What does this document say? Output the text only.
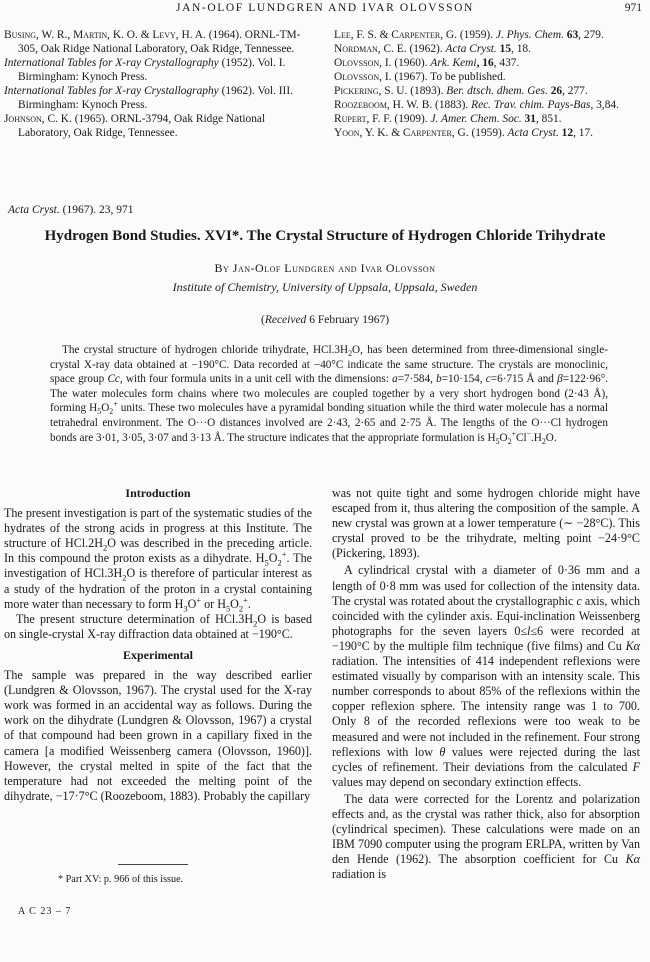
JAN-OLOF LUNDGREN AND IVAR OLOVSSON	971

Busing, W. R., Martin, K. O. & Levy, H. A. (1964). ORNL-TM-305, Oak Ridge National Laboratory, Oak Ridge, Tennessee.

International Tables for X-ray Crystallography (1952). Vol. I. Birmingham: Kynoch Press.

International Tables for X-ray Crystallography (1962). Vol. III. Birmingham: Kynoch Press.

Johnson, C. K. (1965). ORNL-3794, Oak Ridge National Laboratory, Oak Ridge, Tennessee.

Lee, F. S. & Carpenter, G. (1959). J. Phys. Chem. 63, 279.

Nordman, C. E. (1962). Acta Cryst. 15, 18.

Olovsson, I. (1960). Ark. Kemi, 16, 437.

Olovsson, I. (1967). To be published.

Pickering, S. U. (1893). Ber. dtsch. dhem. Ges. 26, 277.

Roozeboom, H. W. B. (1883). Rec. Trav. chim. Pays-Bas, 3,84.

Rupert, F. F. (1909). J. Amer. Chem. Soc. 31, 851.

Yoon, Y. K. & Carpenter, G. (1959). Acta Cryst. 12, 17.

Acta Cryst. (1967). 23, 971
Hydrogen Bond Studies. XVI*. The Crystal Structure of Hydrogen Chloride Trihydrate
By Jan-Olof Lundgren and Ivar Olovsson
Institute of Chemistry, University of Uppsala, Uppsala, Sweden
(Received 6 February 1967)

The crystal structure of hydrogen chloride trihydrate, $HCl.3H_2O$, has been determined from three-dimensional single-crystal X-ray data obtained at −190°C. Data recorded at −40°C indicate the same structure. The crystals are monoclinic, space group Cc, with four formula units in a unit cell with the dimensions: a=7·584, b=10·154, c=6·715 Å and β=122·96°. The water molecules form chains where two molecules are coupled together by a very short hydrogen bond (2·43 Å), forming $H_5O_2^+$ units. These two molecules have a pyramidal bonding situation while the third water molecule has a normal tetrahedral environment. The O···O distances involved are 2·43, 2·65 and 2·75 Å. The lengths of the O···Cl hydrogen bonds are 3·01, 3·05, 3·07 and 3·13 Å. The structure indicates that the appropriate formulation is $H_5O_2^+Cl^-.H_2O$.

Introduction

The present investigation is part of the systematic studies of the hydrates of the strong acids in progress at this Institute. The structure of $HCl.2H_2O$ was described in the preceding article. In this compound the proton exists as a dihydrate. $H_5O_2^+$. The investigation of $HCl.3H_2O$ is therefore of particular interest as a study of the hydration of the proton in a crystal containing more water than necessary to form $H_3O^+$ or $H_5O_2^+$.

The present structure determination of $HCl.3H_2O$ is based on single-crystal X-ray diffraction data obtained at −190°C.

Experimental

The sample was prepared in the way described earlier (Lundgren & Olovsson, 1967). The crystal used for the X-ray work was formed in an accidental way as follows. During the work on the dihydrate (Lundgren & Olovsson, 1967) a crystal of that compound had been grown in a capillary fixed in the camera [a modified Weissenberg camera (Olovsson, 1960)]. However, the crystal melted in spite of the fact that the temperature had not exceeded the melting point of the dihydrate, −17·7°C (Roozeboom, 1883). Probably the capillary

was not quite tight and some hydrogen chloride might have escaped from it, thus altering the composition of the sample. A new crystal was grown at a lower temperature (∼ −28°C). This crystal proved to be the trihydrate, melting point −24·9°C (Pickering, 1893).

A cylindrical crystal with a diameter of 0·36 mm and a length of 0·8 mm was used for collection of the intensity data. The crystal was rotated about the crystallographic c axis, which coincided with the cylinder axis. Equi-inclination Weissenberg photographs for the seven layers 0≤l≤6 were recorded at −190°C by the multiple film technique (five films) and Cu Kα radiation. The intensities of 414 independent reflexions were estimated visually by comparison with an intensity scale. This number corresponds to about 85% of the reflexions within the copper reflexion sphere. The intensity range was 1 to 700. Only 8 of the recorded reflexions were too weak to be measured and were not included in the refinement. Four strong reflexions with low θ values were rejected during the last cycles of refinement. Their deviations from the calculated F values may depend on secondary extinction effects.

The data were corrected for the Lorentz and polarization effects and, as the crystal was rather thick, also for absorption (cylindrical specimen). These calculations were made on an IBM 7090 computer using the program ERLPA, written by Van den Hende (1962). The absorption coefficient for Cu Kα radiation is

* Part XV: p. 966 of this issue.
A C 23 – 7
